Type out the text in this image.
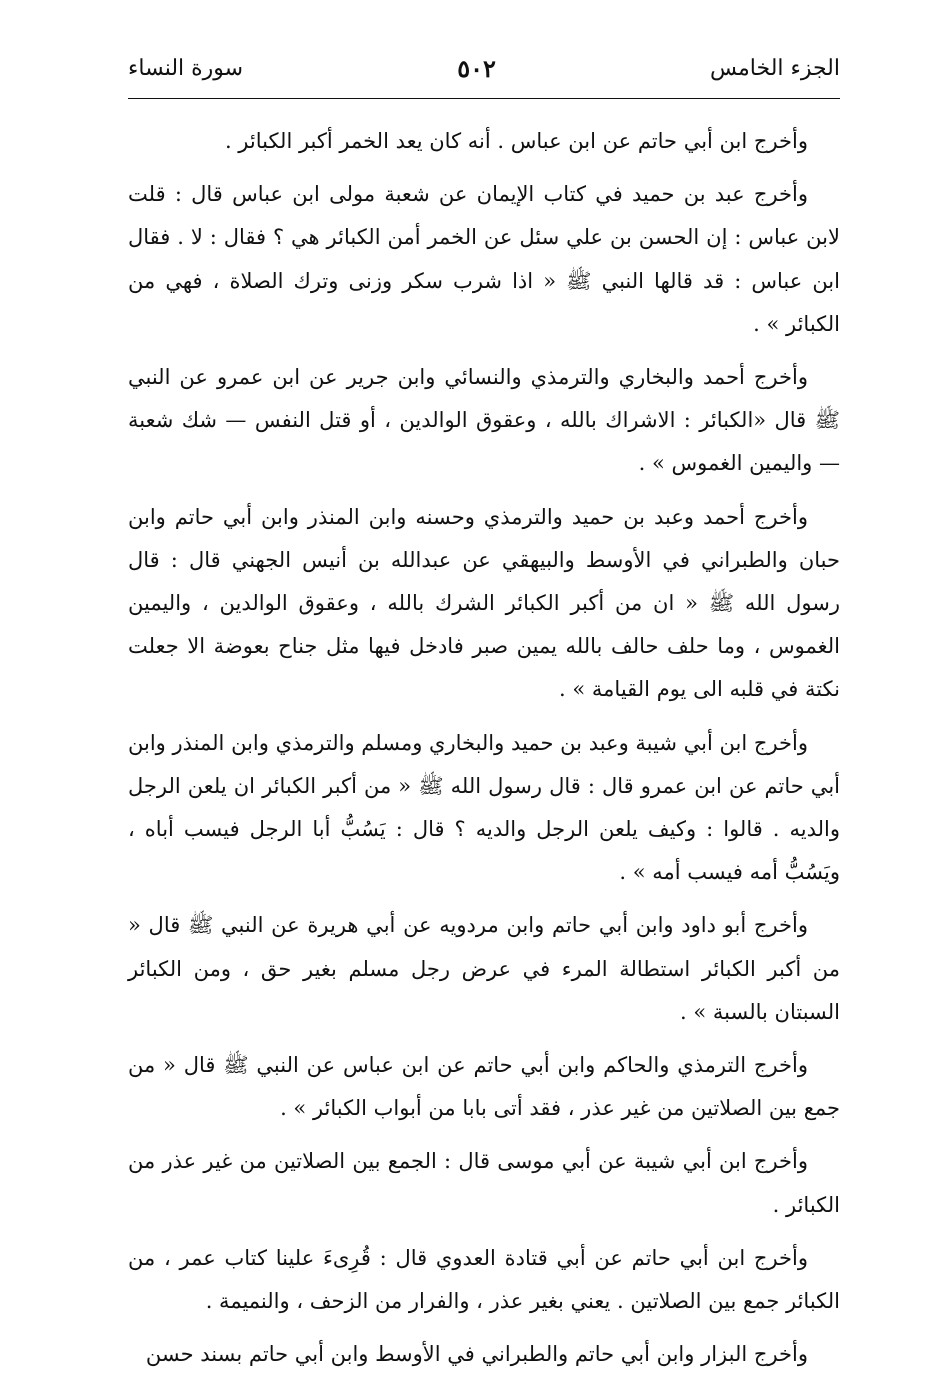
الجزء الخامس
٥٠٢
سورة النساء

وأخرج ابن أبي حاتم عن ابن عباس . أنه كان يعد الخمر أكبر الكبائر .

وأخرج عبد بن حميد في كتاب الإيمان عن شعبة مولى ابن عباس قال : قلت لابن عباس : إن الحسن بن علي سئل عن الخمر أمن الكبائر هي ؟ فقال : لا . فقال ابن عباس : قد قالها النبي ﷺ « اذا شرب سكر وزنى وترك الصلاة ، فهي من الكبائر » .

وأخرج أحمد والبخاري والترمذي والنسائي وابن جرير عن ابن عمرو عن النبي ﷺ قال «الكبائر : الاشراك بالله ، وعقوق الوالدين ، أو قتل النفس — شك شعبة — واليمين الغموس » .

وأخرج أحمد وعبد بن حميد والترمذي وحسنه وابن المنذر وابن أبي حاتم وابن حبان والطبراني في الأوسط والبيهقي عن عبدالله بن أنيس الجهني قال : قال رسول الله ﷺ « ان من أكبر الكبائر الشرك بالله ، وعقوق الوالدين ، واليمين الغموس ، وما حلف حالف بالله يمين صبر فادخل فيها مثل جناح بعوضة الا جعلت نكتة في قلبه الى يوم القيامة » .

وأخرج ابن أبي شيبة وعبد بن حميد والبخاري ومسلم والترمذي وابن المنذر وابن أبي حاتم عن ابن عمرو قال : قال رسول الله ﷺ « من أكبر الكبائر ان يلعن الرجل والديه . قالوا : وكيف يلعن الرجل والديه ؟ قال : يَسُبُّ أبا الرجل فيسب أباه ، ويَسُبُّ أمه فيسب أمه » .

وأخرج أبو داود وابن أبي حاتم وابن مردويه عن أبي هريرة عن النبي ﷺ قال « من أكبر الكبائر استطالة المرء في عرض رجل مسلم بغير حق ، ومن الكبائر السبتان بالسبة » .

وأخرج الترمذي والحاكم وابن أبي حاتم عن ابن عباس عن النبي ﷺ قال « من جمع بين الصلاتين من غير عذر ، فقد أتى بابا من أبواب الكبائر » .

وأخرج ابن أبي شيبة عن أبي موسى قال : الجمع بين الصلاتين من غير عذر من الكبائر .

وأخرج ابن أبي حاتم عن أبي قتادة العدوي قال : قُرِىءَ علينا كتاب عمر ، من الكبائر جمع بين الصلاتين . يعني بغير عذر ، والفرار من الزحف ، والنميمة .

وأخرج البزار وابن أبي حاتم والطبراني في الأوسط وابن أبي حاتم بسند حسن
